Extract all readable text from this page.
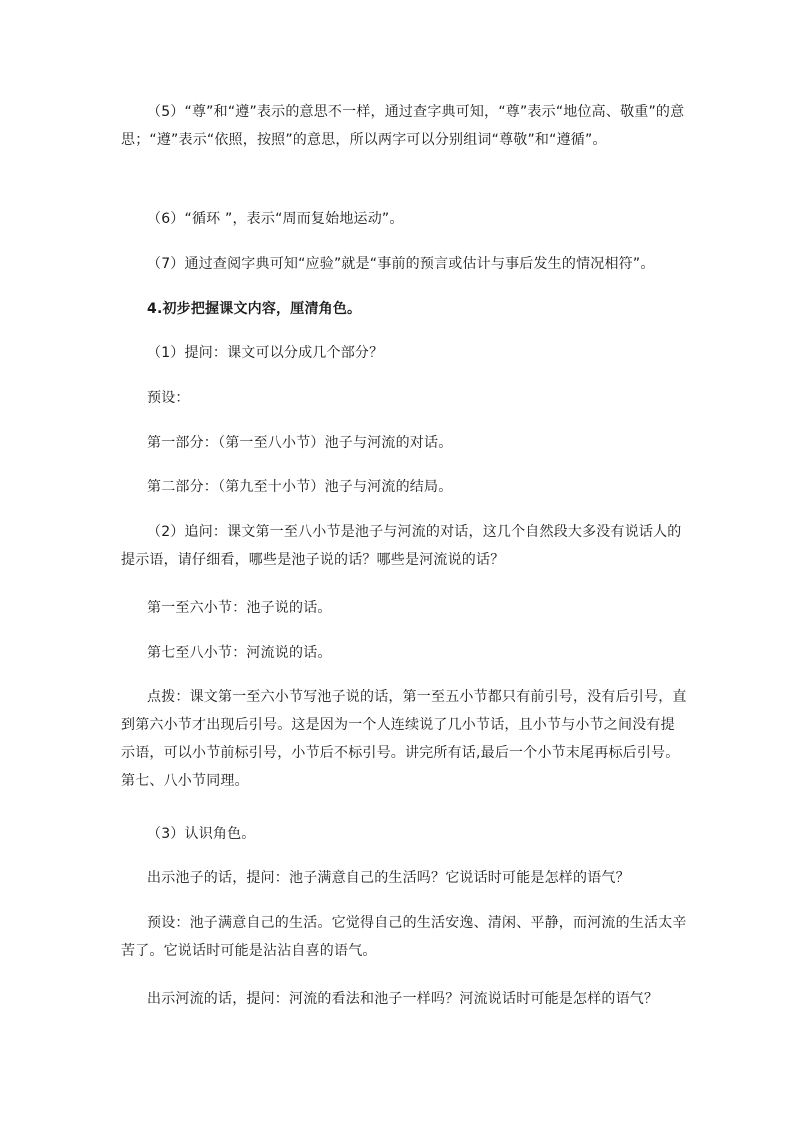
（5）“尊”和“遵”表示的意思不一样，通过查字典可知，“尊”表示“地位高、敬重”的意思；“遵”表示“依照，按照”的意思，所以两字可以分别组词“尊敬”和“遵循”。
（6）“循环 ”，表示“周而复始地运动”。
（7）通过查阅字典可知“应验”就是“事前的预言或估计与事后发生的情况相符”。
4.初步把握课文内容，厘清角色。
（1）提问：课文可以分成几个部分？
预设：
第一部分：（第一至八小节）池子与河流的对话。
第二部分：（第九至十小节）池子与河流的结局。
（2）追问：课文第一至八小节是池子与河流的对话，这几个自然段大多没有说话人的提示语，请仔细看，哪些是池子说的话？哪些是河流说的话？
第一至六小节：池子说的话。
第七至八小节：河流说的话。
点拨：课文第一至六小节写池子说的话，第一至五小节都只有前引号，没有后引号，直到第六小节才出现后引号。这是因为一个人连续说了几小节话，且小节与小节之间没有提示语，可以小节前标引号，小节后不标引号。讲完所有话,最后一个小节末尾再标后引号。第七、八小节同理。
（3）认识角色。
出示池子的话，提问：池子满意自己的生活吗？它说话时可能是怎样的语气？
预设：池子满意自己的生活。它觉得自己的生活安逸、清闲、平静，而河流的生活太辛苦了。它说话时可能是沾沾自喜的语气。
出示河流的话，提问：河流的看法和池子一样吗？河流说话时可能是怎样的语气？
